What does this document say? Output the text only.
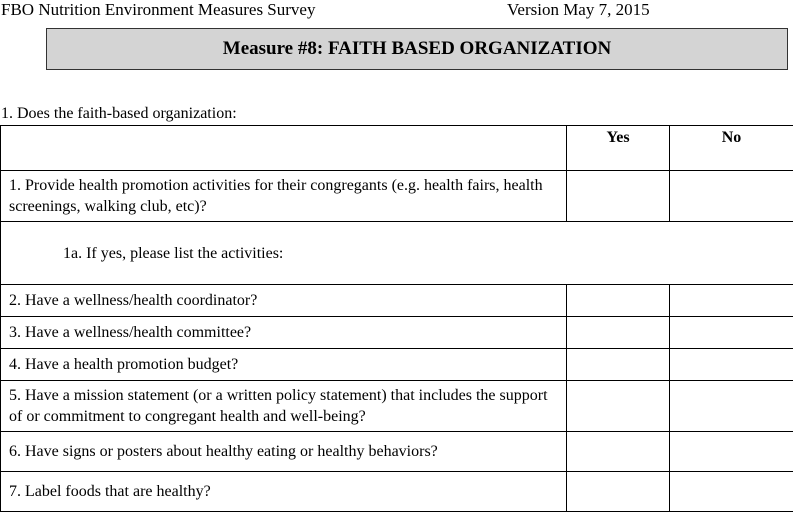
FBO Nutrition Environment Measures Survey	Version May 7, 2015
Measure #8: FAITH BASED ORGANIZATION
1. Does the faith-based organization:
	Yes	No
1. Provide health promotion activities for their congregants (e.g. health fairs, health screenings, walking club, etc)?		
1a. If yes, please list the activities:		
2. Have a wellness/health coordinator?		
3. Have a wellness/health committee?		
4. Have a health promotion budget?		
5. Have a mission statement (or a written policy statement) that includes the support of or commitment to congregant health and well-being?		
6. Have signs or posters about healthy eating or healthy behaviors?		
7. Label foods that are healthy?		
